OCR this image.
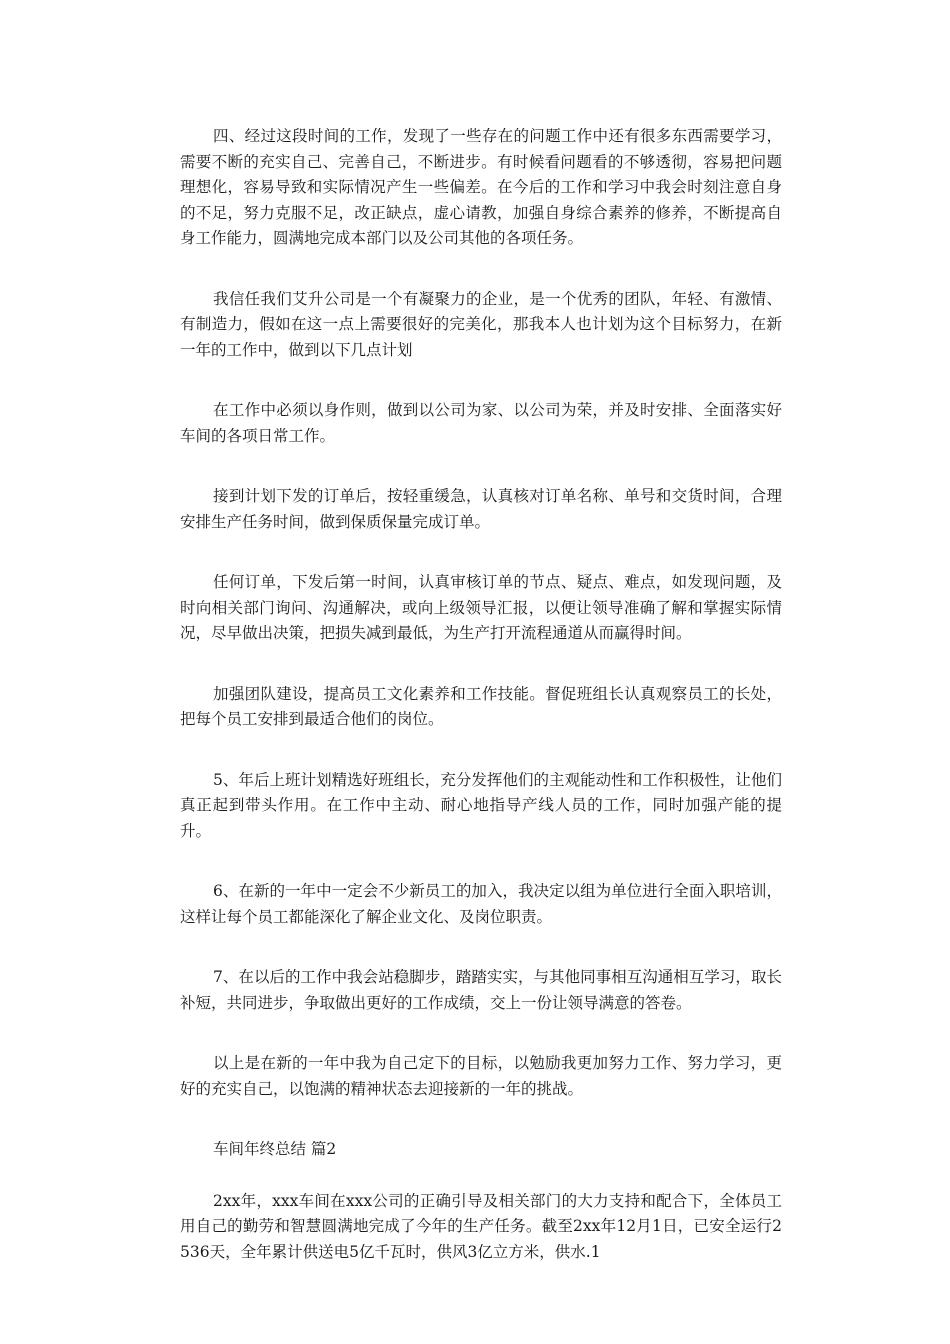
四、经过这段时间的工作，发现了一些存在的问题工作中还有很多东西需要学习，需要不断的充实自己、完善自己，不断进步。有时候看问题看的不够透彻，容易把问题理想化，容易导致和实际情况产生一些偏差。在今后的工作和学习中我会时刻注意自身的不足，努力克服不足，改正缺点，虚心请教，加强自身综合素养的修养，不断提高自身工作能力，圆满地完成本部门以及公司其他的各项任务。

我信任我们艾升公司是一个有凝聚力的企业，是一个优秀的团队，年轻、有激情、有制造力，假如在这一点上需要很好的完美化，那我本人也计划为这个目标努力，在新一年的工作中，做到以下几点计划

在工作中必须以身作则，做到以公司为家、以公司为荣，并及时安排、全面落实好车间的各项日常工作。

接到计划下发的订单后，按轻重缓急，认真核对订单名称、单号和交货时间，合理安排生产任务时间，做到保质保量完成订单。

任何订单，下发后第一时间，认真审核订单的节点、疑点、难点，如发现问题，及时向相关部门询问、沟通解决，或向上级领导汇报，以便让领导准确了解和掌握实际情况，尽早做出决策，把损失减到最低，为生产打开流程通道从而赢得时间。

加强团队建设，提高员工文化素养和工作技能。督促班组长认真观察员工的长处，把每个员工安排到最适合他们的岗位。

5、年后上班计划精选好班组长，充分发挥他们的主观能动性和工作积极性，让他们真正起到带头作用。在工作中主动、耐心地指导产线人员的工作，同时加强产能的提升。

6、在新的一年中一定会不少新员工的加入，我决定以组为单位进行全面入职培训，这样让每个员工都能深化了解企业文化、及岗位职责。

7、在以后的工作中我会站稳脚步，踏踏实实，与其他同事相互沟通相互学习，取长补短，共同进步，争取做出更好的工作成绩，交上一份让领导满意的答卷。

以上是在新的一年中我为自己定下的目标，以勉励我更加努力工作、努力学习，更好的充实自己，以饱满的精神状态去迎接新的一年的挑战。

车间年终总结 篇2

2xx年，xxx车间在xxx公司的正确引导及相关部门的大力支持和配合下，全体员工用自己的勤劳和智慧圆满地完成了今年的生产任务。截至2xx年12月1日，已安全运行2536天，全年累计供送电5亿千瓦时，供风3亿立方米，供水.1
